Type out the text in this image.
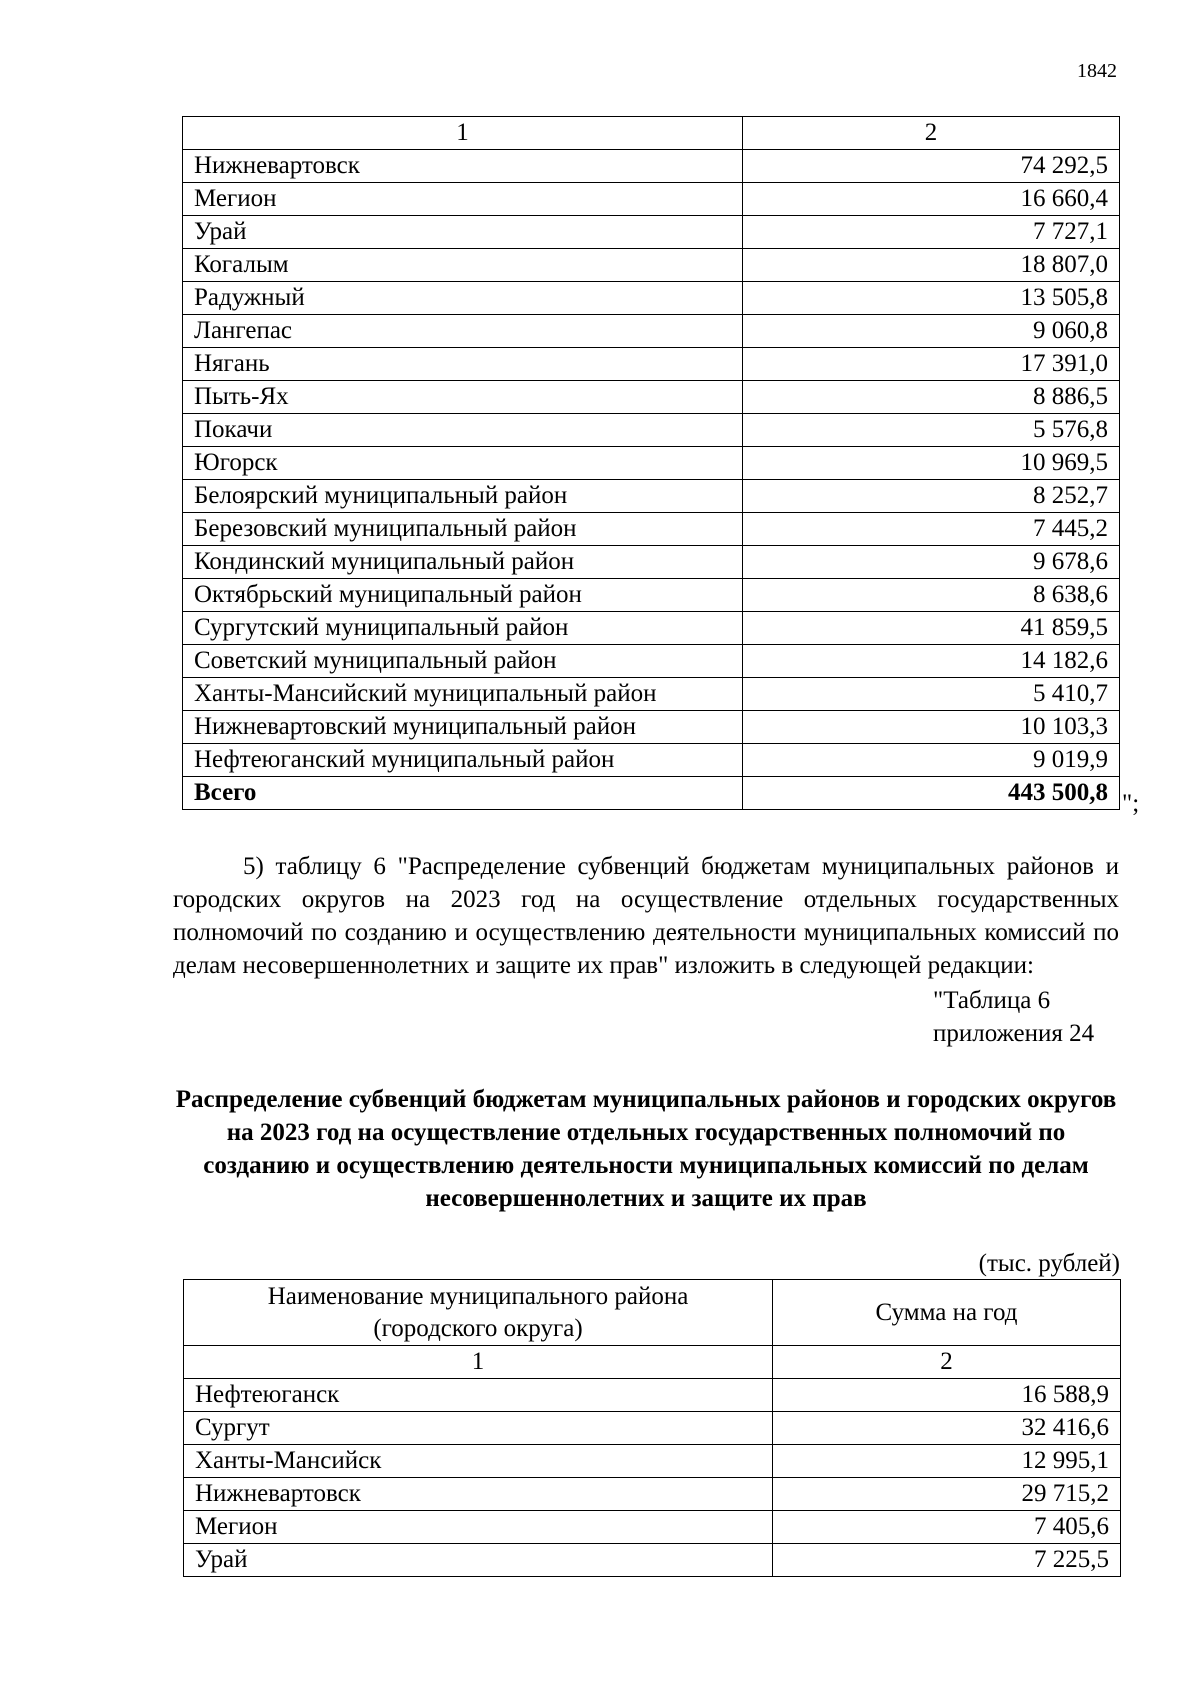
1842
1	2
Нижневартовск	74 292,5
Мегион	16 660,4
Урай	7 727,1
Когалым	18 807,0
Радужный	13 505,8
Лангепас	9 060,8
Нягань	17 391,0
Пыть-Ях	8 886,5
Покачи	5 576,8
Югорск	10 969,5
Белоярский муниципальный район	8 252,7
Березовский муниципальный район	7 445,2
Кондинский муниципальный район	9 678,6
Октябрьский муниципальный район	8 638,6
Сургутский муниципальный район	41 859,5
Советский муниципальный район	14 182,6
Ханты-Мансийский муниципальный район	5 410,7
Нижневартовский муниципальный район	10 103,3
Нефтеюганский муниципальный район	9 019,9
Всего	443 500,8 ";

5) таблицу 6 "Распределение субвенций бюджетам муниципальных районов и городских округов на 2023 год на осуществление отдельных государственных полномочий по созданию и осуществлению деятельности муниципальных комиссий по делам несовершеннолетних и защите их прав" изложить в следующей редакции:

"Таблица 6
приложения 24
Распределение субвенций бюджетам муниципальных районов и городских округов на 2023 год на осуществление отдельных государственных полномочий по созданию и осуществлению деятельности муниципальных комиссий по делам несовершеннолетних и защите их прав
(тыс. рублей)
Наименование муниципального района
(городского округа)	Сумма на год
1	2
Нефтеюганск	16 588,9
Сургут	32 416,6
Ханты-Мансийск	12 995,1
Нижневартовск	29 715,2
Мегион	7 405,6
Урай	7 225,5
